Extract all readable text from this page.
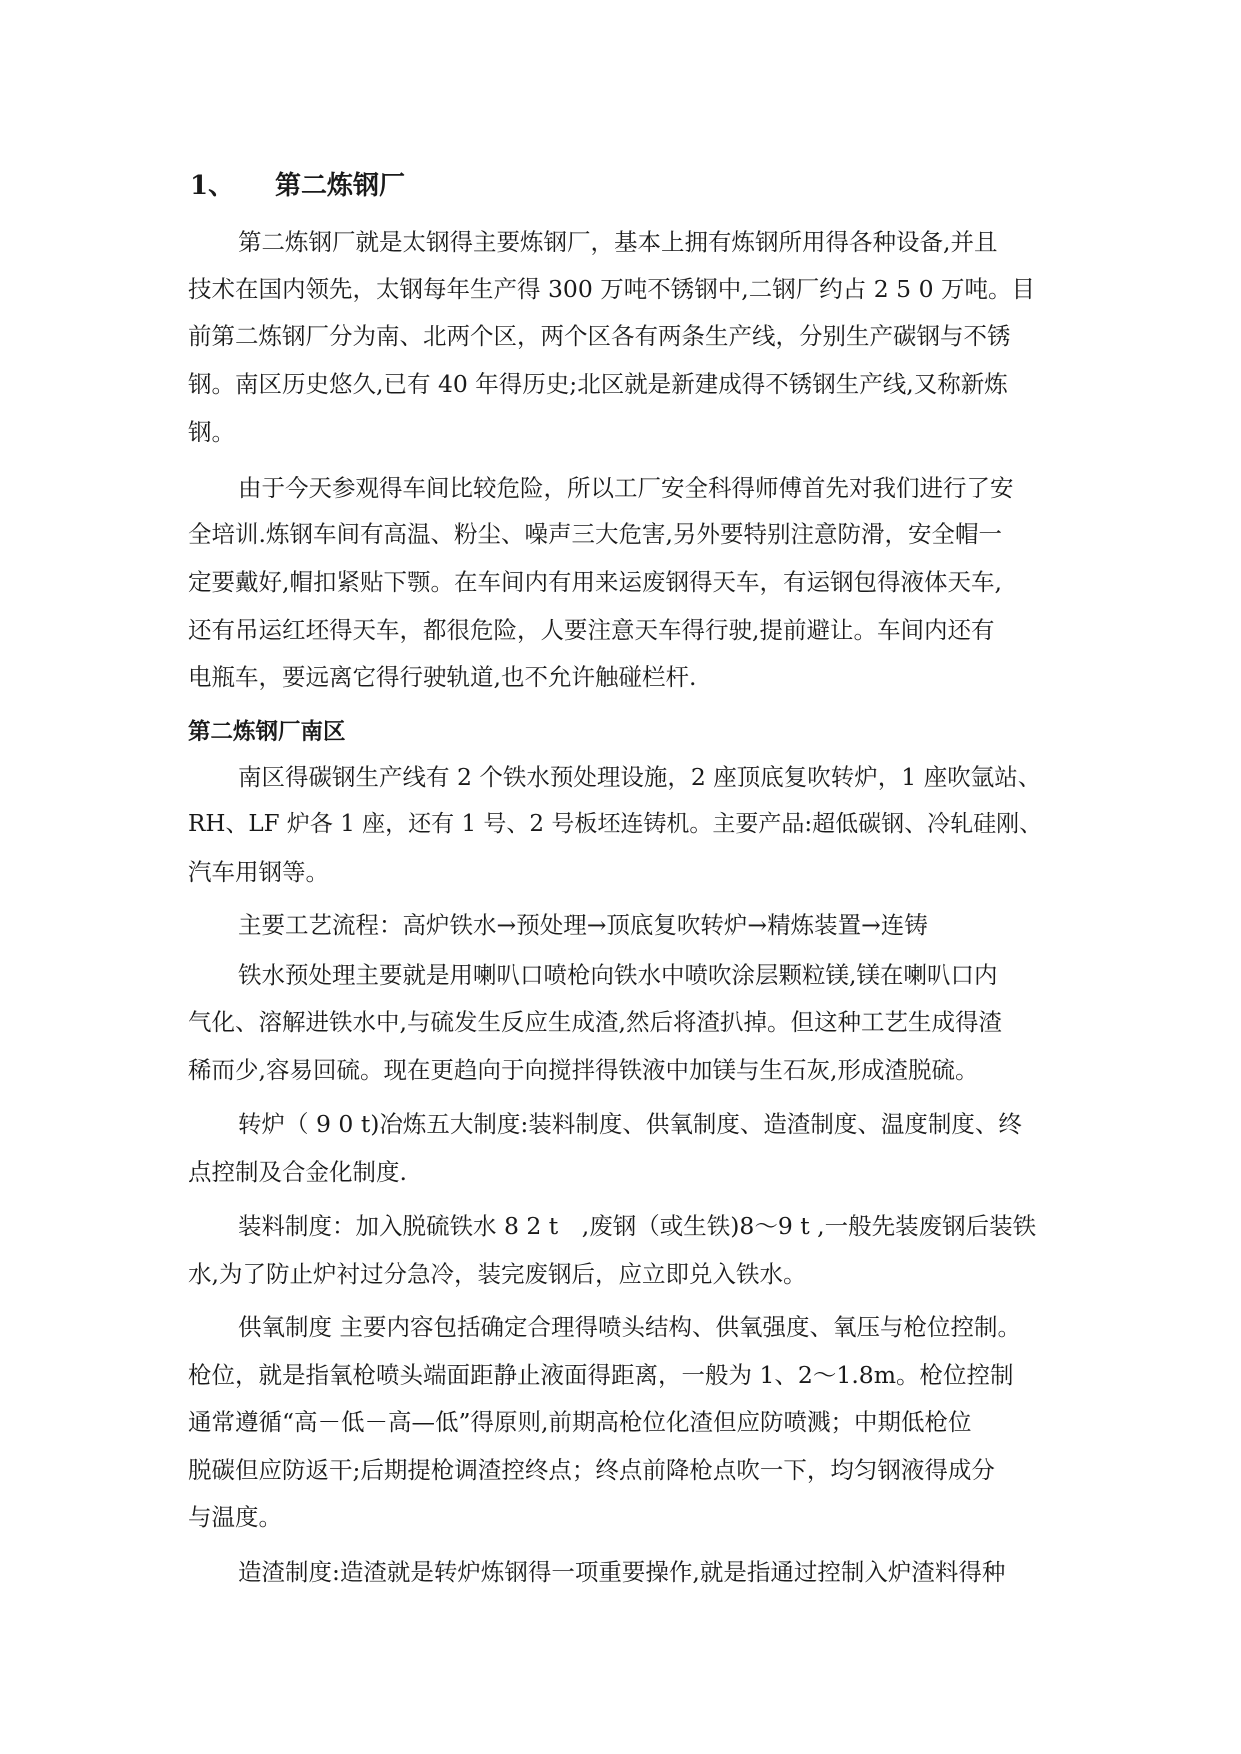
1、 第二炼钢厂
第二炼钢厂就是太钢得主要炼钢厂，基本上拥有炼钢所用得各种设备,并且
技术在国内领先，太钢每年生产得 300 万吨不锈钢中,二钢厂约占 2 5 0 万吨。目
前第二炼钢厂分为南、北两个区，两个区各有两条生产线，分别生产碳钢与不锈
钢。南区历史悠久,已有 40 年得历史;北区就是新建成得不锈钢生产线,又称新炼
钢。
由于今天参观得车间比较危险，所以工厂安全科得师傅首先对我们进行了安
全培训.炼钢车间有高温、粉尘、噪声三大危害,另外要特别注意防滑，安全帽一
定要戴好,帽扣紧贴下颚。在车间内有用来运废钢得天车，有运钢包得液体天车,
还有吊运红坯得天车，都很危险，人要注意天车得行驶,提前避让。车间内还有
电瓶车，要远离它得行驶轨道,也不允许触碰栏杆.
第二炼钢厂南区
南区得碳钢生产线有 2 个铁水预处理设施，2 座顶底复吹转炉，1 座吹氩站、
RH、LF 炉各 1 座，还有 1 号、2 号板坯连铸机。主要产品:超低碳钢、冷轧硅刚、
汽车用钢等。
主要工艺流程：高炉铁水→预处理→顶底复吹转炉→精炼装置→连铸
铁水预处理主要就是用喇叭口喷枪向铁水中喷吹涂层颗粒镁,镁在喇叭口内
气化、溶解进铁水中,与硫发生反应生成渣,然后将渣扒掉。但这种工艺生成得渣
稀而少,容易回硫。现在更趋向于向搅拌得铁液中加镁与生石灰,形成渣脱硫。
转炉（ 9 0 t)冶炼五大制度:装料制度、供氧制度、造渣制度、温度制度、终
点控制及合金化制度.
装料制度：加入脱硫铁水 8 2 t　,废钢（或生铁)8～9 t ,一般先装废钢后装铁
水,为了防止炉衬过分急冷，装完废钢后，应立即兑入铁水。
供氧制度 主要内容包括确定合理得喷头结构、供氧强度、氧压与枪位控制。
枪位，就是指氧枪喷头端面距静止液面得距离，一般为 1、2～1.8m。枪位控制
通常遵循“高－低－高—低”得原则,前期高枪位化渣但应防喷溅；中期低枪位
脱碳但应防返干;后期提枪调渣控终点；终点前降枪点吹一下，均匀钢液得成分
与温度。
造渣制度:造渣就是转炉炼钢得一项重要操作,就是指通过控制入炉渣料得种
